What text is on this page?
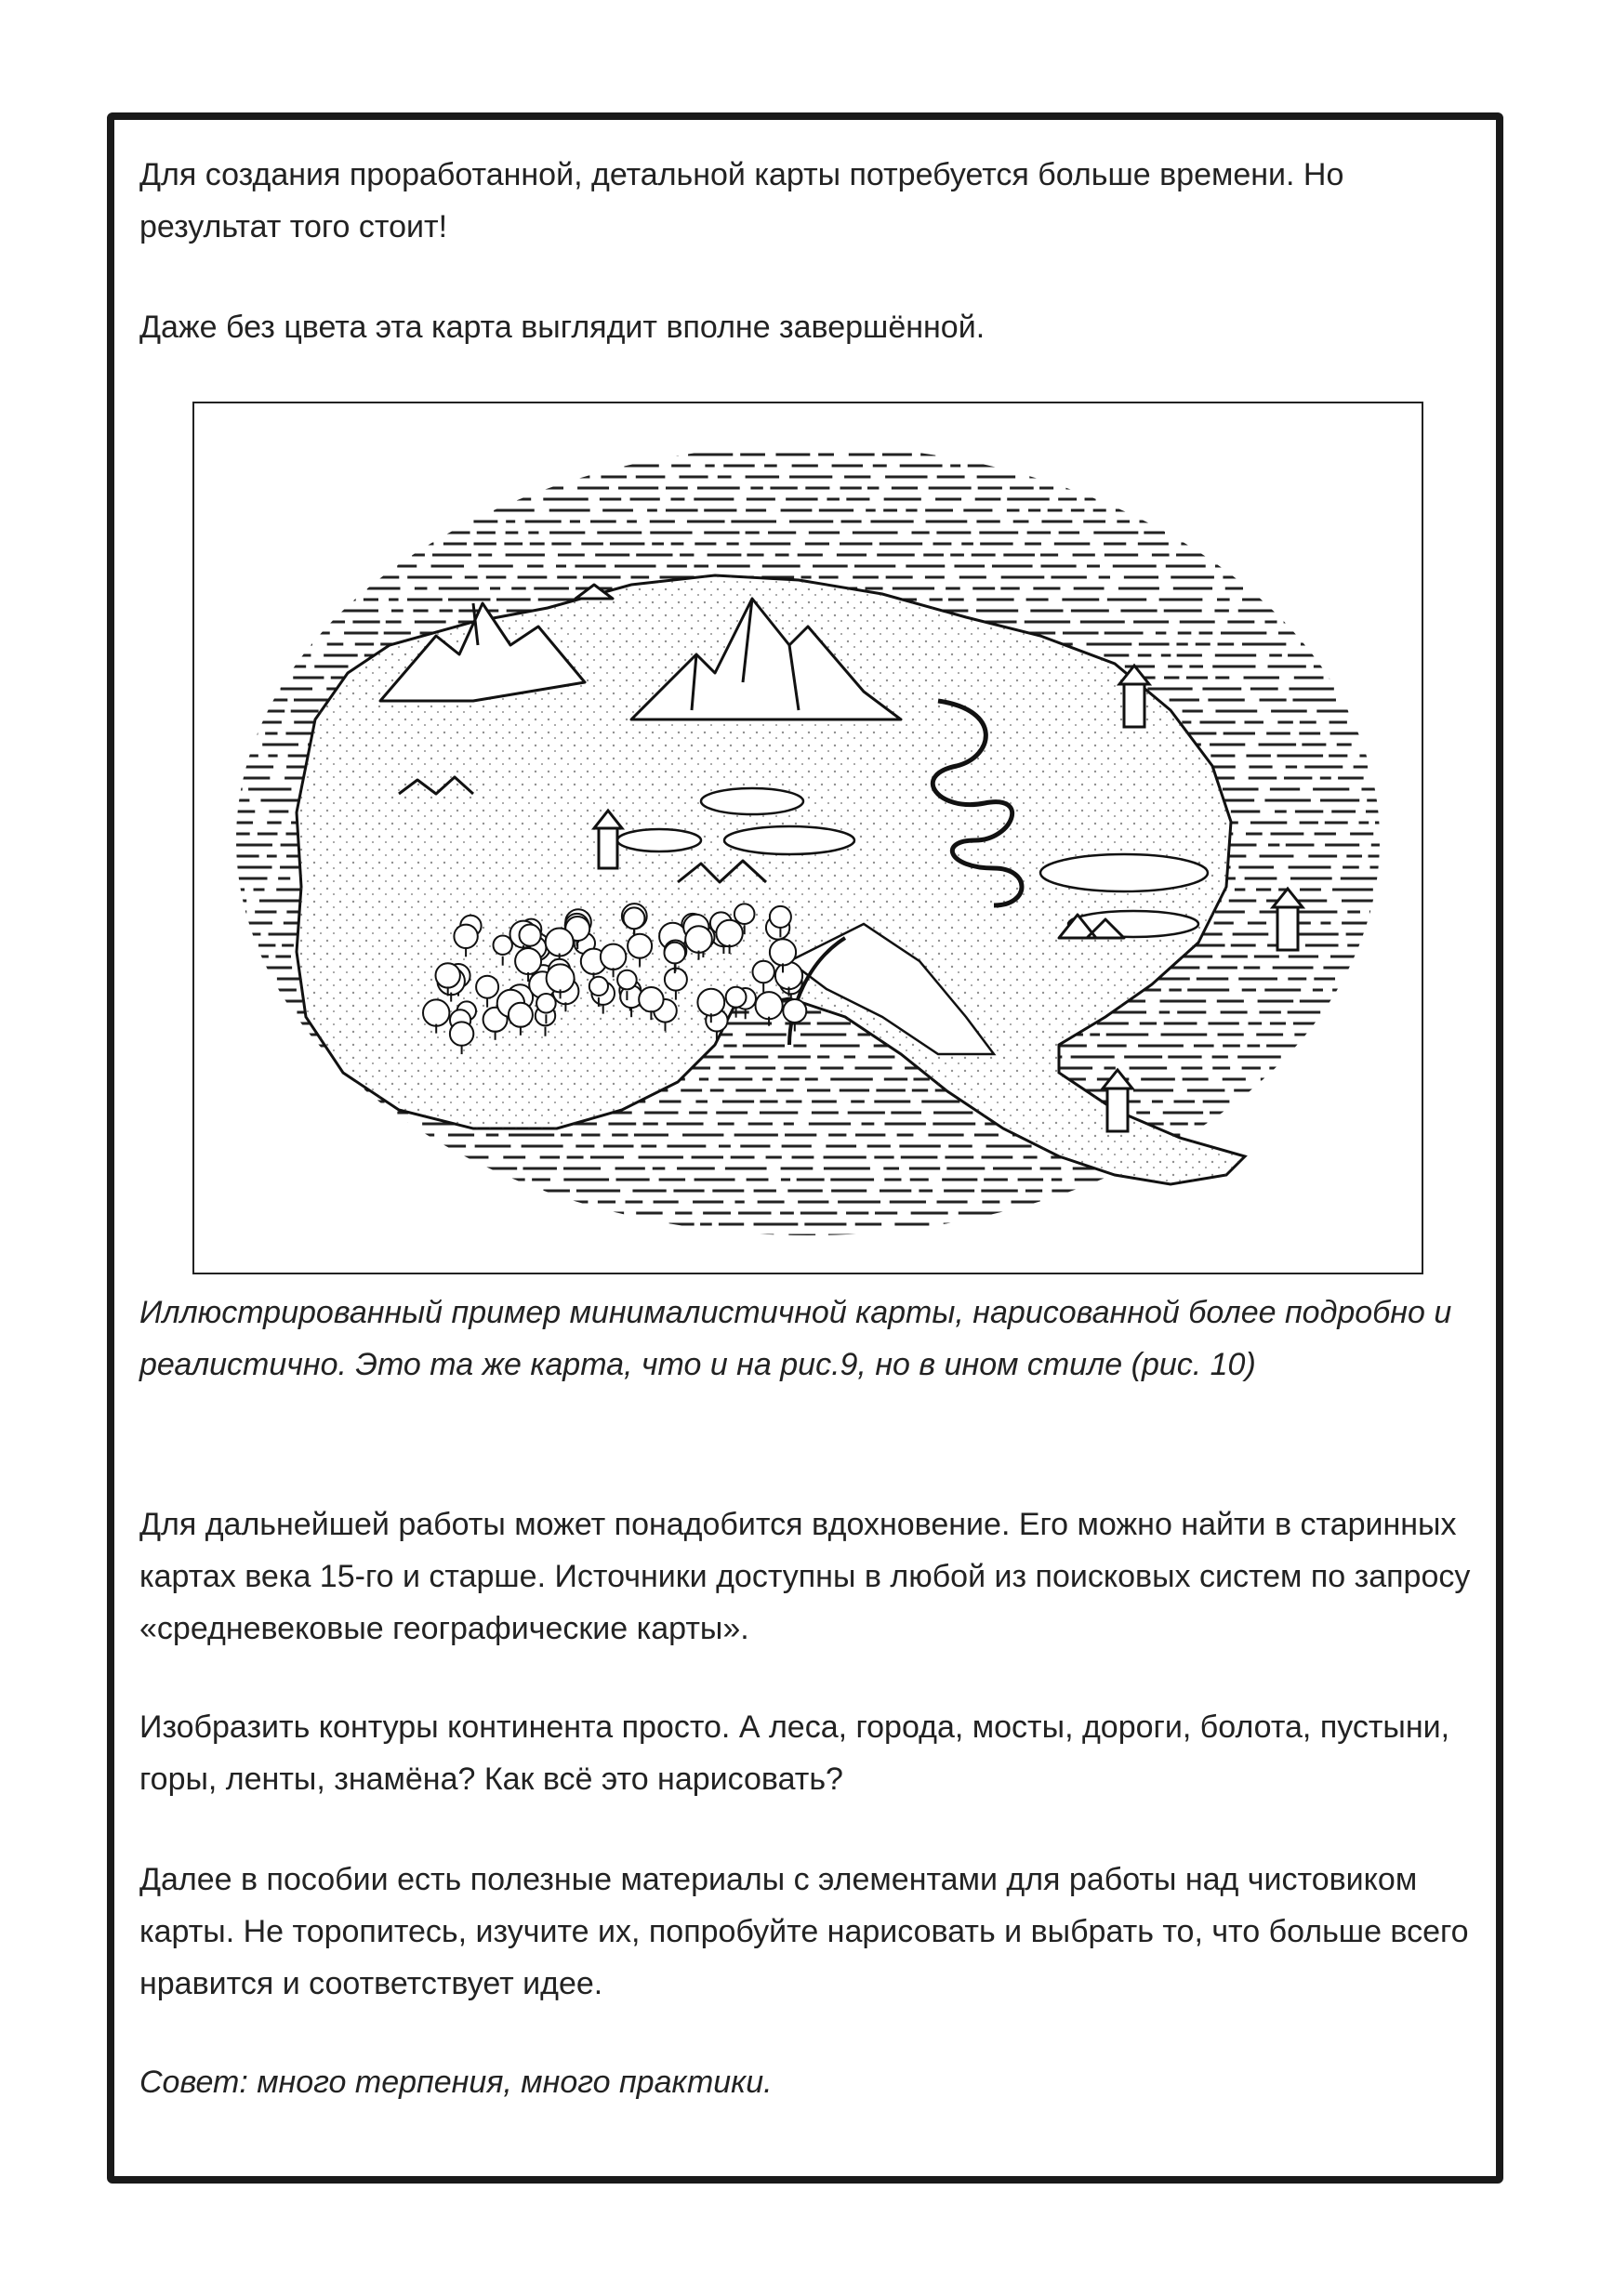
Для создания проработанной, детальной карты потребуется больше времени. Но результат того стоит!

Даже без цвета эта карта выглядит вполне завершённой.

Иллюстрированный пример минималистичной карты, нарисованной более подробно и реалистично. Это та же карта, что и на рис.9, но в ином стиле (рис. 10)

Для дальнейшей работы может понадобится вдохновение. Его можно найти в старинных картах века 15-го и старше. Источники доступны в любой из поисковых систем по запросу «средневековые географические карты».

Изобразить контуры континента просто. А леса, города, мосты, дороги, болота, пустыни, горы, ленты, знамёна? Как всё это нарисовать?

Далее в пособии есть полезные материалы с элементами для работы над чистовиком карты. Не торопитесь, изучите их, попробуйте нарисовать и выбрать то, что больше всего нравится и соответствует идее.

Совет: много терпения, много практики.
